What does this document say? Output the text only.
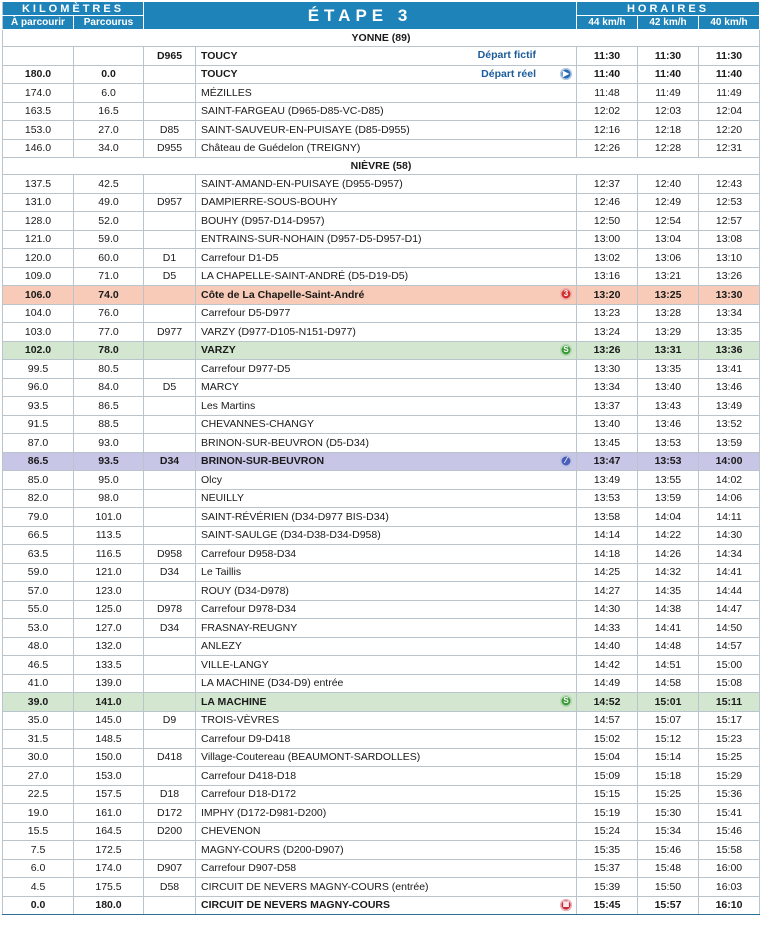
KILOMÈTRES		ÉTAPE 3		HORAIRES		
À parcourir	Parcourus			44 km/h	42 km/h	40 km/h
YONNE (89)						
		D965	TOUCY Départ fictif	11:30	11:30	11:30
180.0	0.0		TOUCY Départ réel ▶	11:40	11:40	11:40
174.0	6.0		MÉZILLES	11:48	11:49	11:49
163.5	16.5		SAINT-FARGEAU (D965-D85-VC-D85)	12:02	12:03	12:04
153.0	27.0	D85	SAINT-SAUVEUR-EN-PUISAYE (D85-D955)	12:16	12:18	12:20
146.0	34.0	D955	Château de Guédelon (TREIGNY)	12:26	12:28	12:31
NIÈVRE (58)						
137.5	42.5		SAINT-AMAND-EN-PUISAYE (D955-D957)	12:37	12:40	12:43
131.0	49.0	D957	DAMPIERRE-SOUS-BOUHY	12:46	12:49	12:53
128.0	52.0		BOUHY (D957-D14-D957)	12:50	12:54	12:57
121.0	59.0		ENTRAINS-SUR-NOHAIN (D957-D5-D957-D1)	13:00	13:04	13:08
120.0	60.0	D1	Carrefour D1-D5	13:02	13:06	13:10
109.0	71.0	D5	LA CHAPELLE-SAINT-ANDRÉ (D5-D19-D5)	13:16	13:21	13:26
106.0	74.0		Côte de La Chapelle-Saint-André 3	13:20	13:25	13:30
104.0	76.0		Carrefour D5-D977	13:23	13:28	13:34
103.0	77.0	D977	VARZY (D977-D105-N151-D977)	13:24	13:29	13:35
102.0	78.0		VARZY S	13:26	13:31	13:36
99.5	80.5		Carrefour D977-D5	13:30	13:35	13:41
96.0	84.0	D5	MARCY	13:34	13:40	13:46
93.5	86.5		Les Martins	13:37	13:43	13:49
91.5	88.5		CHEVANNES-CHANGY	13:40	13:46	13:52
87.0	93.0		BRINON-SUR-BEUVRON (D5-D34)	13:45	13:53	13:59
86.5	93.5	D34	BRINON-SUR-BEUVRON ⁄	13:47	13:53	14:00
85.0	95.0		Olcy	13:49	13:55	14:02
82.0	98.0		NEUILLY	13:53	13:59	14:06
79.0	101.0		SAINT-RÉVÉRIEN (D34-D977 BIS-D34)	13:58	14:04	14:11
66.5	113.5		SAINT-SAULGE (D34-D38-D34-D958)	14:14	14:22	14:30
63.5	116.5	D958	Carrefour D958-D34	14:18	14:26	14:34
59.0	121.0	D34	Le Taillis	14:25	14:32	14:41
57.0	123.0		ROUY (D34-D978)	14:27	14:35	14:44
55.0	125.0	D978	Carrefour D978-D34	14:30	14:38	14:47
53.0	127.0	D34	FRASNAY-REUGNY	14:33	14:41	14:50
48.0	132.0		ANLEZY	14:40	14:48	14:57
46.5	133.5		VILLE-LANGY	14:42	14:51	15:00
41.0	139.0		LA MACHINE (D34-D9) entrée	14:49	14:58	15:08
39.0	141.0		LA MACHINE S	14:52	15:01	15:11
35.0	145.0	D9	TROIS-VÈVRES	14:57	15:07	15:17
31.5	148.5		Carrefour D9-D418	15:02	15:12	15:23
30.0	150.0	D418	Village-Coutereau (BEAUMONT-SARDOLLES)	15:04	15:14	15:25
27.0	153.0		Carrefour D418-D18	15:09	15:18	15:29
22.5	157.5	D18	Carrefour D18-D172	15:15	15:25	15:36
19.0	161.0	D172	IMPHY (D172-D981-D200)	15:19	15:30	15:41
15.5	164.5	D200	CHEVENON	15:24	15:34	15:46
7.5	172.5		MAGNY-COURS (D200-D907)	15:35	15:46	15:58
6.0	174.0	D907	Carrefour D907-D58	15:37	15:48	16:00
4.5	175.5	D58	CIRCUIT DE NEVERS MAGNY-COURS (entrée)	15:39	15:50	16:03
0.0	180.0		CIRCUIT DE NEVERS MAGNY-COURS ▦	15:45	15:57	16:10
